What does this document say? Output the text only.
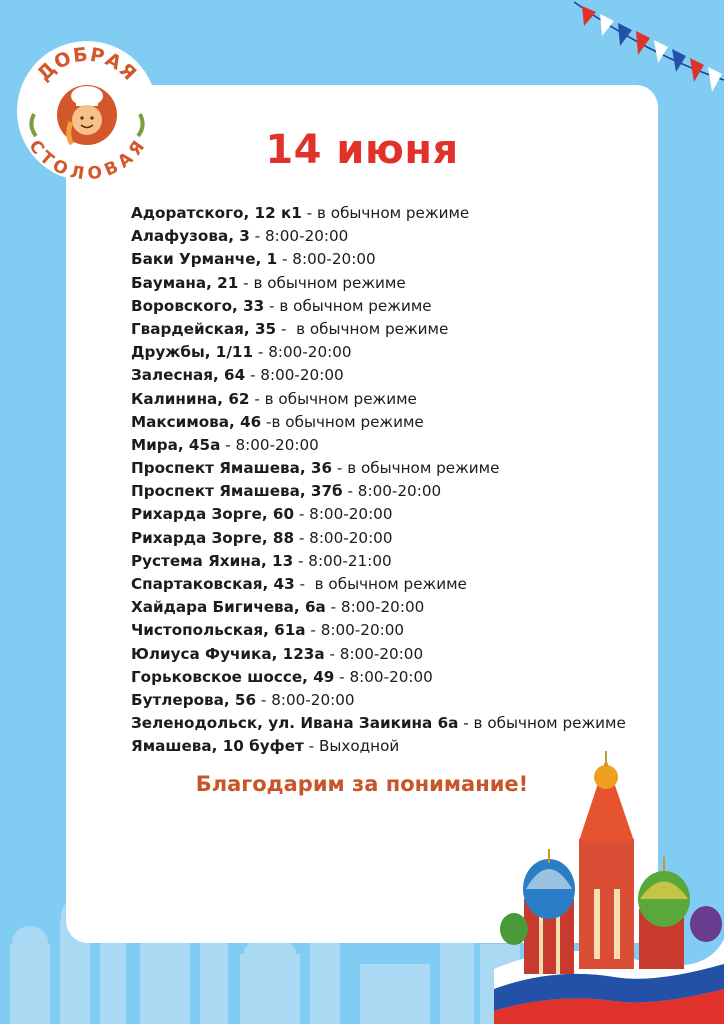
ДОБРАЯ
СТОЛОВАЯ	14 июня
Адоратского, 12 к1 - в обычном режиме
Алафузова, 3 - 8:00-20:00
Баки Урманче, 1 - 8:00-20:00
Баумана, 21 - в обычном режиме
Воровского, 33 - в обычном режиме
Гвардейская, 35 -  в обычном режиме
Дружбы, 1/11 - 8:00-20:00
Залесная, 64 - 8:00-20:00
Калинина, 62 - в обычном режиме
Максимова, 46 -в обычном режиме
Мира, 45а - 8:00-20:00
Проспект Ямашева, 36 - в обычном режиме
Проспект Ямашева, 37б - 8:00-20:00
Рихарда Зорге, 60 - 8:00-20:00
Рихарда Зорге, 88 - 8:00-20:00
Рустема Яхина, 13 - 8:00-21:00
Спартаковская, 43 -  в обычном режиме
Хайдара Бигичева, 6а - 8:00-20:00
Чистопольская, 61а - 8:00-20:00
Юлиуса Фучика, 123а - 8:00-20:00
Горьковское шоссе, 49 - 8:00-20:00
Бутлерова, 56 - 8:00-20:00
Зеленодольск, ул. Ивана Заикина 6а - в обычном режиме
Ямашева, 10 буфет - Выходной
Благодарим за понимание!
